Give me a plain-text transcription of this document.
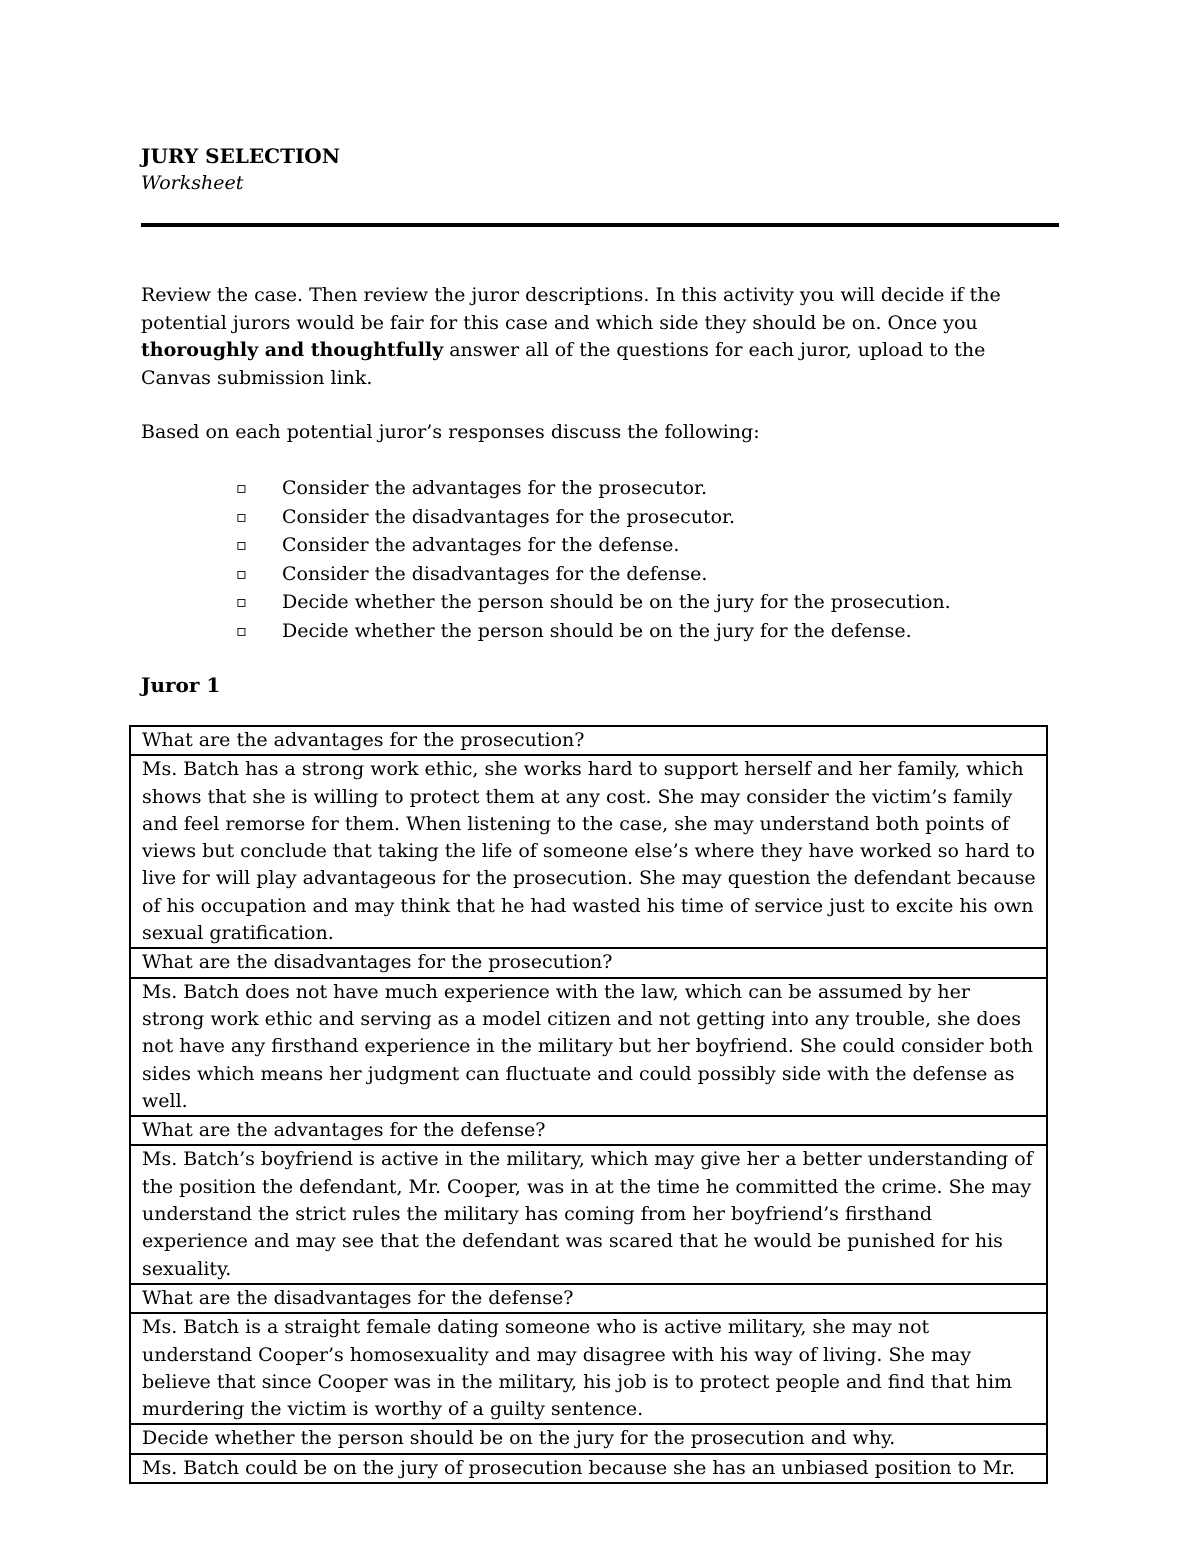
JURY SELECTION
Worksheet

Review the case. Then review the juror descriptions. In this activity you will decide if the potential jurors would be fair for this case and which side they should be on. Once you thoroughly and thoughtfully answer all of the questions for each juror, upload to the Canvas submission link.

Based on each potential juror’s responses discuss the following:

▫ Consider the advantages for the prosecutor.
▫ Consider the disadvantages for the prosecutor.
▫ Consider the advantages for the defense.
▫ Consider the disadvantages for the defense.
▫ Decide whether the person should be on the jury for the prosecution.
▫ Decide whether the person should be on the jury for the defense.
Juror 1
What are the advantages for the prosecution?
Ms. Batch has a strong work ethic, she works hard to support herself and her family, which shows that she is willing to protect them at any cost. She may consider the victim’s family and feel remorse for them. When listening to the case, she may understand both points of views but conclude that taking the life of someone else’s where they have worked so hard to live for will play advantageous for the prosecution. She may question the defendant because of his occupation and may think that he had wasted his time of service just to excite his own sexual gratification.
What are the disadvantages for the prosecution?
Ms. Batch does not have much experience with the law, which can be assumed by her strong work ethic and serving as a model citizen and not getting into any trouble, she does not have any firsthand experience in the military but her boyfriend. She could consider both sides which means her judgment can fluctuate and could possibly side with the defense as well.
What are the advantages for the defense?
Ms. Batch’s boyfriend is active in the military, which may give her a better understanding of the position the defendant, Mr. Cooper, was in at the time he committed the crime. She may understand the strict rules the military has coming from her boyfriend’s firsthand experience and may see that the defendant was scared that he would be punished for his sexuality.
What are the disadvantages for the defense?
Ms. Batch is a straight female dating someone who is active military, she may not understand Cooper’s homosexuality and may disagree with his way of living. She may believe that since Cooper was in the military, his job is to protect people and find that him murdering the victim is worthy of a guilty sentence.
Decide whether the person should be on the jury for the prosecution and why.
Ms. Batch could be on the jury of prosecution because she has an unbiased position to Mr.
